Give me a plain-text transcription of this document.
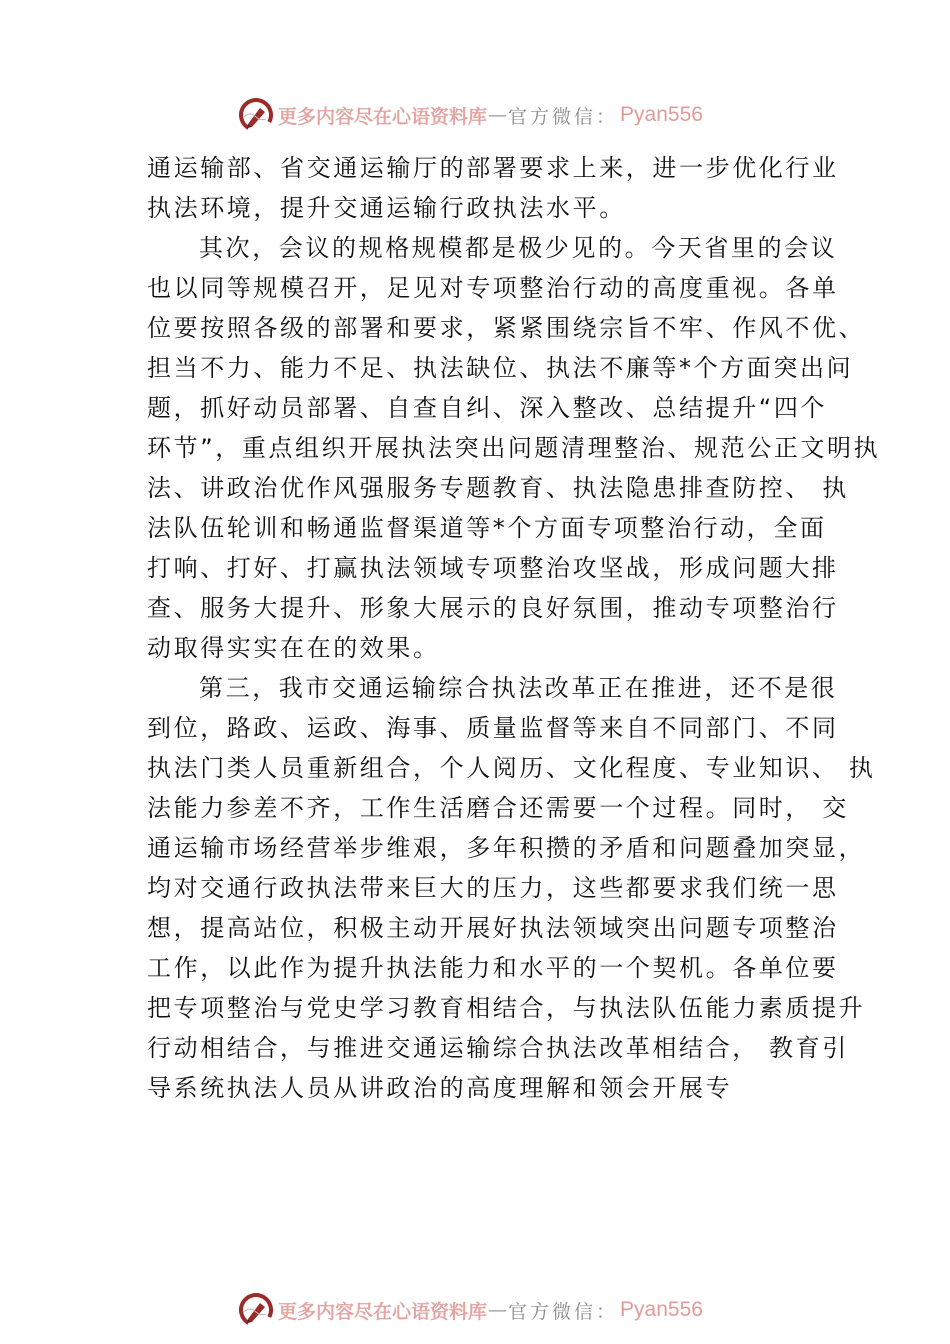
更多内容尽在心语资料库 — 官方微信： Pyan556
通运输部、省交通运输厅的部署要求上来，进一步优化行业
执法环境，提升交通运输行政执法水平。
其次，会议的规格规模都是极少见的。今天省里的会议
也以同等规模召开，足见对专项整治行动的高度重视。各单
位要按照各级的部署和要求，紧紧围绕宗旨不牢、作风不优、
担当不力、能力不足、执法缺位、执法不廉等*个方面突出问
题，抓好动员部署、自查自纠、深入整改、总结提升“四个
环节”，重点组织开展执法突出问题清理整治、规范公正文明执
法、讲政治优作风强服务专题教育、执法隐患排查防控、 执
法队伍轮训和畅通监督渠道等*个方面专项整治行动，全面
打响、打好、打赢执法领域专项整治攻坚战，形成问题大排
查、服务大提升、形象大展示的良好氛围，推动专项整治行
动取得实实在在的效果。
第三，我市交通运输综合执法改革正在推进，还不是很
到位，路政、运政、海事、质量监督等来自不同部门、不同
执法门类人员重新组合，个人阅历、文化程度、专业知识、 执
法能力参差不齐，工作生活磨合还需要一个过程。同时， 交
通运输市场经营举步维艰，多年积攒的矛盾和问题叠加突显，
均对交通行政执法带来巨大的压力，这些都要求我们统一思
想，提高站位，积极主动开展好执法领域突出问题专项整治
工作，以此作为提升执法能力和水平的一个契机。各单位要
把专项整治与党史学习教育相结合，与执法队伍能力素质提升
行动相结合，与推进交通运输综合执法改革相结合， 教育引
导系统执法人员从讲政治的高度理解和领会开展专
更多内容尽在心语资料库 — 官方微信： Pyan556
